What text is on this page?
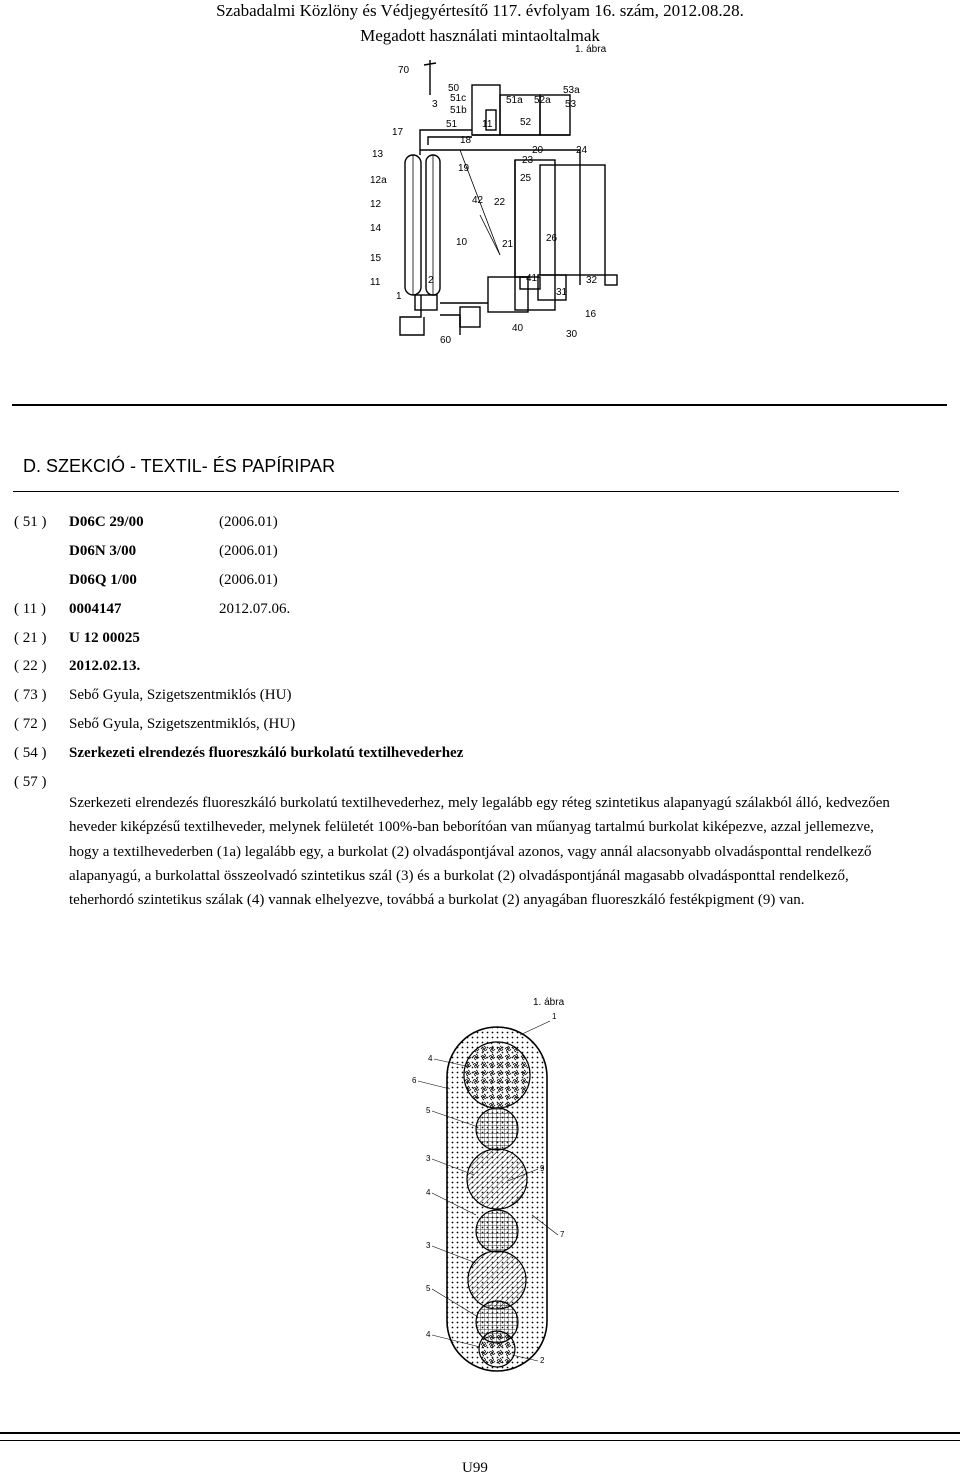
Szabadalmi Közlöny és Védjegyértesítő 117. évfolyam 16. szám, 2012.08.28.
Megadott használati mintaoltalmak
1. ábra
70
50
3
51c
51b
51
51a 52a
53a
53
52
11
17
18
20	24
23
13
19
25
12a
12	42 22
14
10	21
26
15
11	2	41	32
1	31
16
40
30
60
D. SZEKCIÓ - TEXTIL- ÉS PAPÍRIPAR
( 51 ) D06C 29/00	(2006.01)
D06N 3/00	(2006.01)
D06Q 1/00	(2006.01)
( 11 ) 0004147	2012.07.06.
( 21 ) U 12 00025
( 22 ) 2012.02.13.
( 73 ) Sebő Gyula, Szigetszentmiklós (HU)
( 72 ) Sebő Gyula, Szigetszentmiklós, (HU)
( 54 ) Szerkezeti elrendezés fluoreszkáló burkolatú textilhevederhez
( 57 )
Szerkezeti elrendezés fluoreszkáló burkolatú textilhevederhez, mely legalább egy réteg szintetikus alapanyagú szálakból álló, kedvezően heveder kiképzésű textilheveder, melynek felületét 100%-ban beborítóan van műanyag tartalmú burkolat kiképezve, azzal jellemezve, hogy a textilhevederben (1a) legalább egy, a burkolat (2) olvadáspontjával azonos, vagy annál alacsonyabb olvadásponttal rendelkező alapanyagú, a burkolattal összeolvadó szintetikus szál (3) és a burkolat (2) olvadáspontjánál magasabb olvadásponttal rendelkező, teherhordó szintetikus szálak (4) vannak elhelyezve, továbbá a burkolat (2) anyagában fluoreszkáló festékpigment (9) van.
1. ábra
4
6
5
3
4
3
5
4
1
9
7
2
U99
